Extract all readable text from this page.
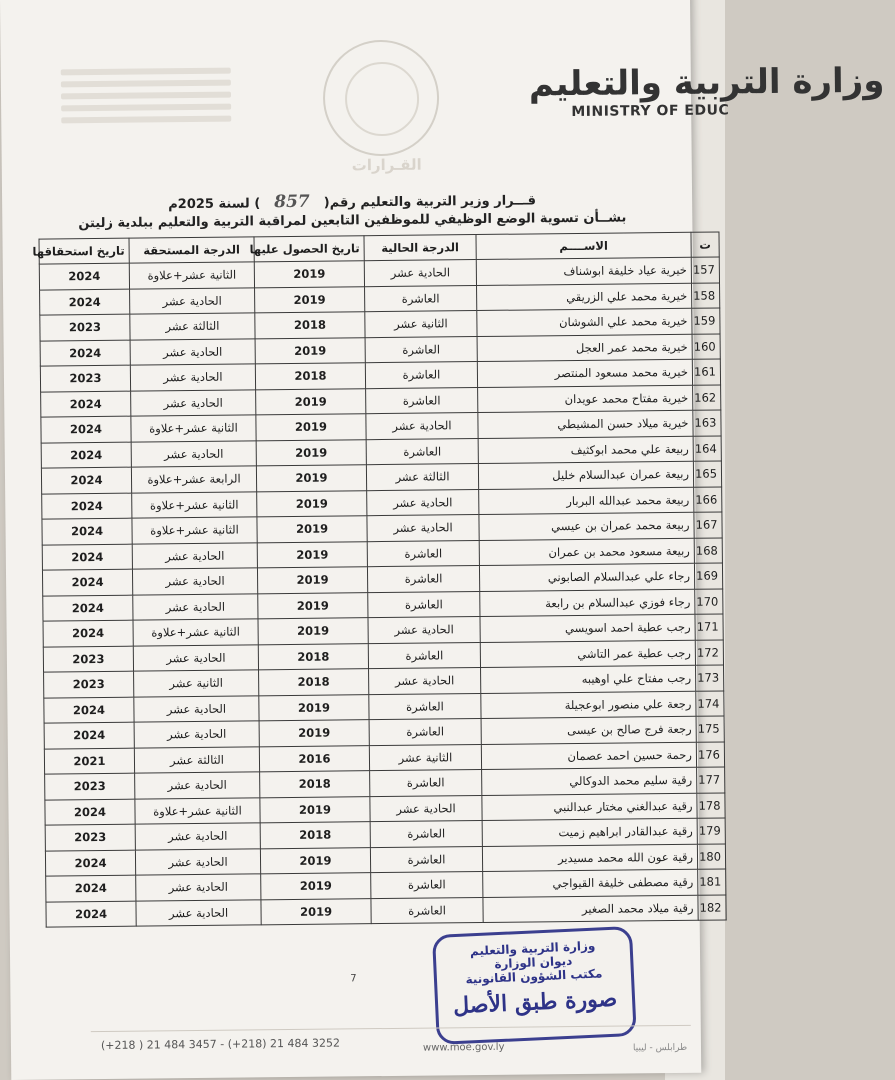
وزارة التربية والتعليم
MINISTRY OF EDUC
القـرارات
قـــرار وزير التربية والتعليم رقم(857) لسنة 2025م
بشــأن تسوية الوضع الوظيفي للموظفين التابعين لمراقبة التربية والتعليم ببلدية زليتن
ت	الاســــم	الدرجة الحالية	تاريخ الحصول عليها	الدرجة المستحقة	تاريخ استحقاقها
157	خيرية عياد خليفة ابوشناف	الحادية عشر	2019	الثانية عشر+علاوة	2024
158	خيرية محمد علي الزريقي	العاشرة	2019	الحادية عشر	2024
159	خيرية محمد علي الشوشان	الثانية عشر	2018	الثالثة عشر	2023
160	خيرية محمد عمر العجل	العاشرة	2019	الحادية عشر	2024
161	خيرية محمد مسعود المنتصر	العاشرة	2018	الحادية عشر	2023
162	خيرية مفتاح محمد عويدان	العاشرة	2019	الحادية عشر	2024
163	خيرية ميلاد حسن المشيطي	الحادية عشر	2019	الثانية عشر+علاوة	2024
164	ربيعة علي محمد ابوكثيف	العاشرة	2019	الحادية عشر	2024
165	ربيعة عمران عبدالسلام خليل	الثالثة عشر	2019	الرابعة عشر+علاوة	2024
166	ربيعة محمد عبدالله البربار	الحادية عشر	2019	الثانية عشر+علاوة	2024
167	ربيعة محمد عمران بن عيسي	الحادية عشر	2019	الثانية عشر+علاوة	2024
168	ربيعة مسعود محمد بن عمران	العاشرة	2019	الحادية عشر	2024
169	رجاء علي عبدالسلام الصابوني	العاشرة	2019	الحادية عشر	2024
170	رجاء فوزي عبدالسلام بن رابعة	العاشرة	2019	الحادية عشر	2024
171	رجب عطية احمد اسويسي	الحادية عشر	2019	الثانية عشر+علاوة	2024
172	رجب عطية عمر التاشي	العاشرة	2018	الحادية عشر	2023
173	رجب مفتاح علي اوهيبه	الحادية عشر	2018	الثانية عشر	2023
174	رجعة علي منصور ابوعجيلة	العاشرة	2019	الحادية عشر	2024
175	رجعة فرج صالح بن عيسى	العاشرة	2019	الحادية عشر	2024
176	رحمة حسين احمد عصمان	الثانية عشر	2016	الثالثة عشر	2021
177	رقية سليم محمد الدوكالي	العاشرة	2018	الحادية عشر	2023
178	رقية عبدالغني مختار عبدالنبي	الحادية عشر	2019	الثانية عشر+علاوة	2024
179	رقية عبدالقادر ابراهيم زميت	العاشرة	2018	الحادية عشر	2023
180	رقية عون الله محمد مسيدير	العاشرة	2019	الحادية عشر	2024
181	رقية مصطفى خليفة القيواجي	العاشرة	2019	الحادية عشر	2024
182	رقية ميلاد محمد الصغير	العاشرة	2019	الحادية عشر	2024
7
وزارة التربية والتعليم
ديوان الوزارة
مكتب الشؤون القانونية
صورة طبق الأصل
(+218 ) 21 484 3457 - (+218) 21 484 3252	www.moe.gov.ly	طرابلس - ليبيا
